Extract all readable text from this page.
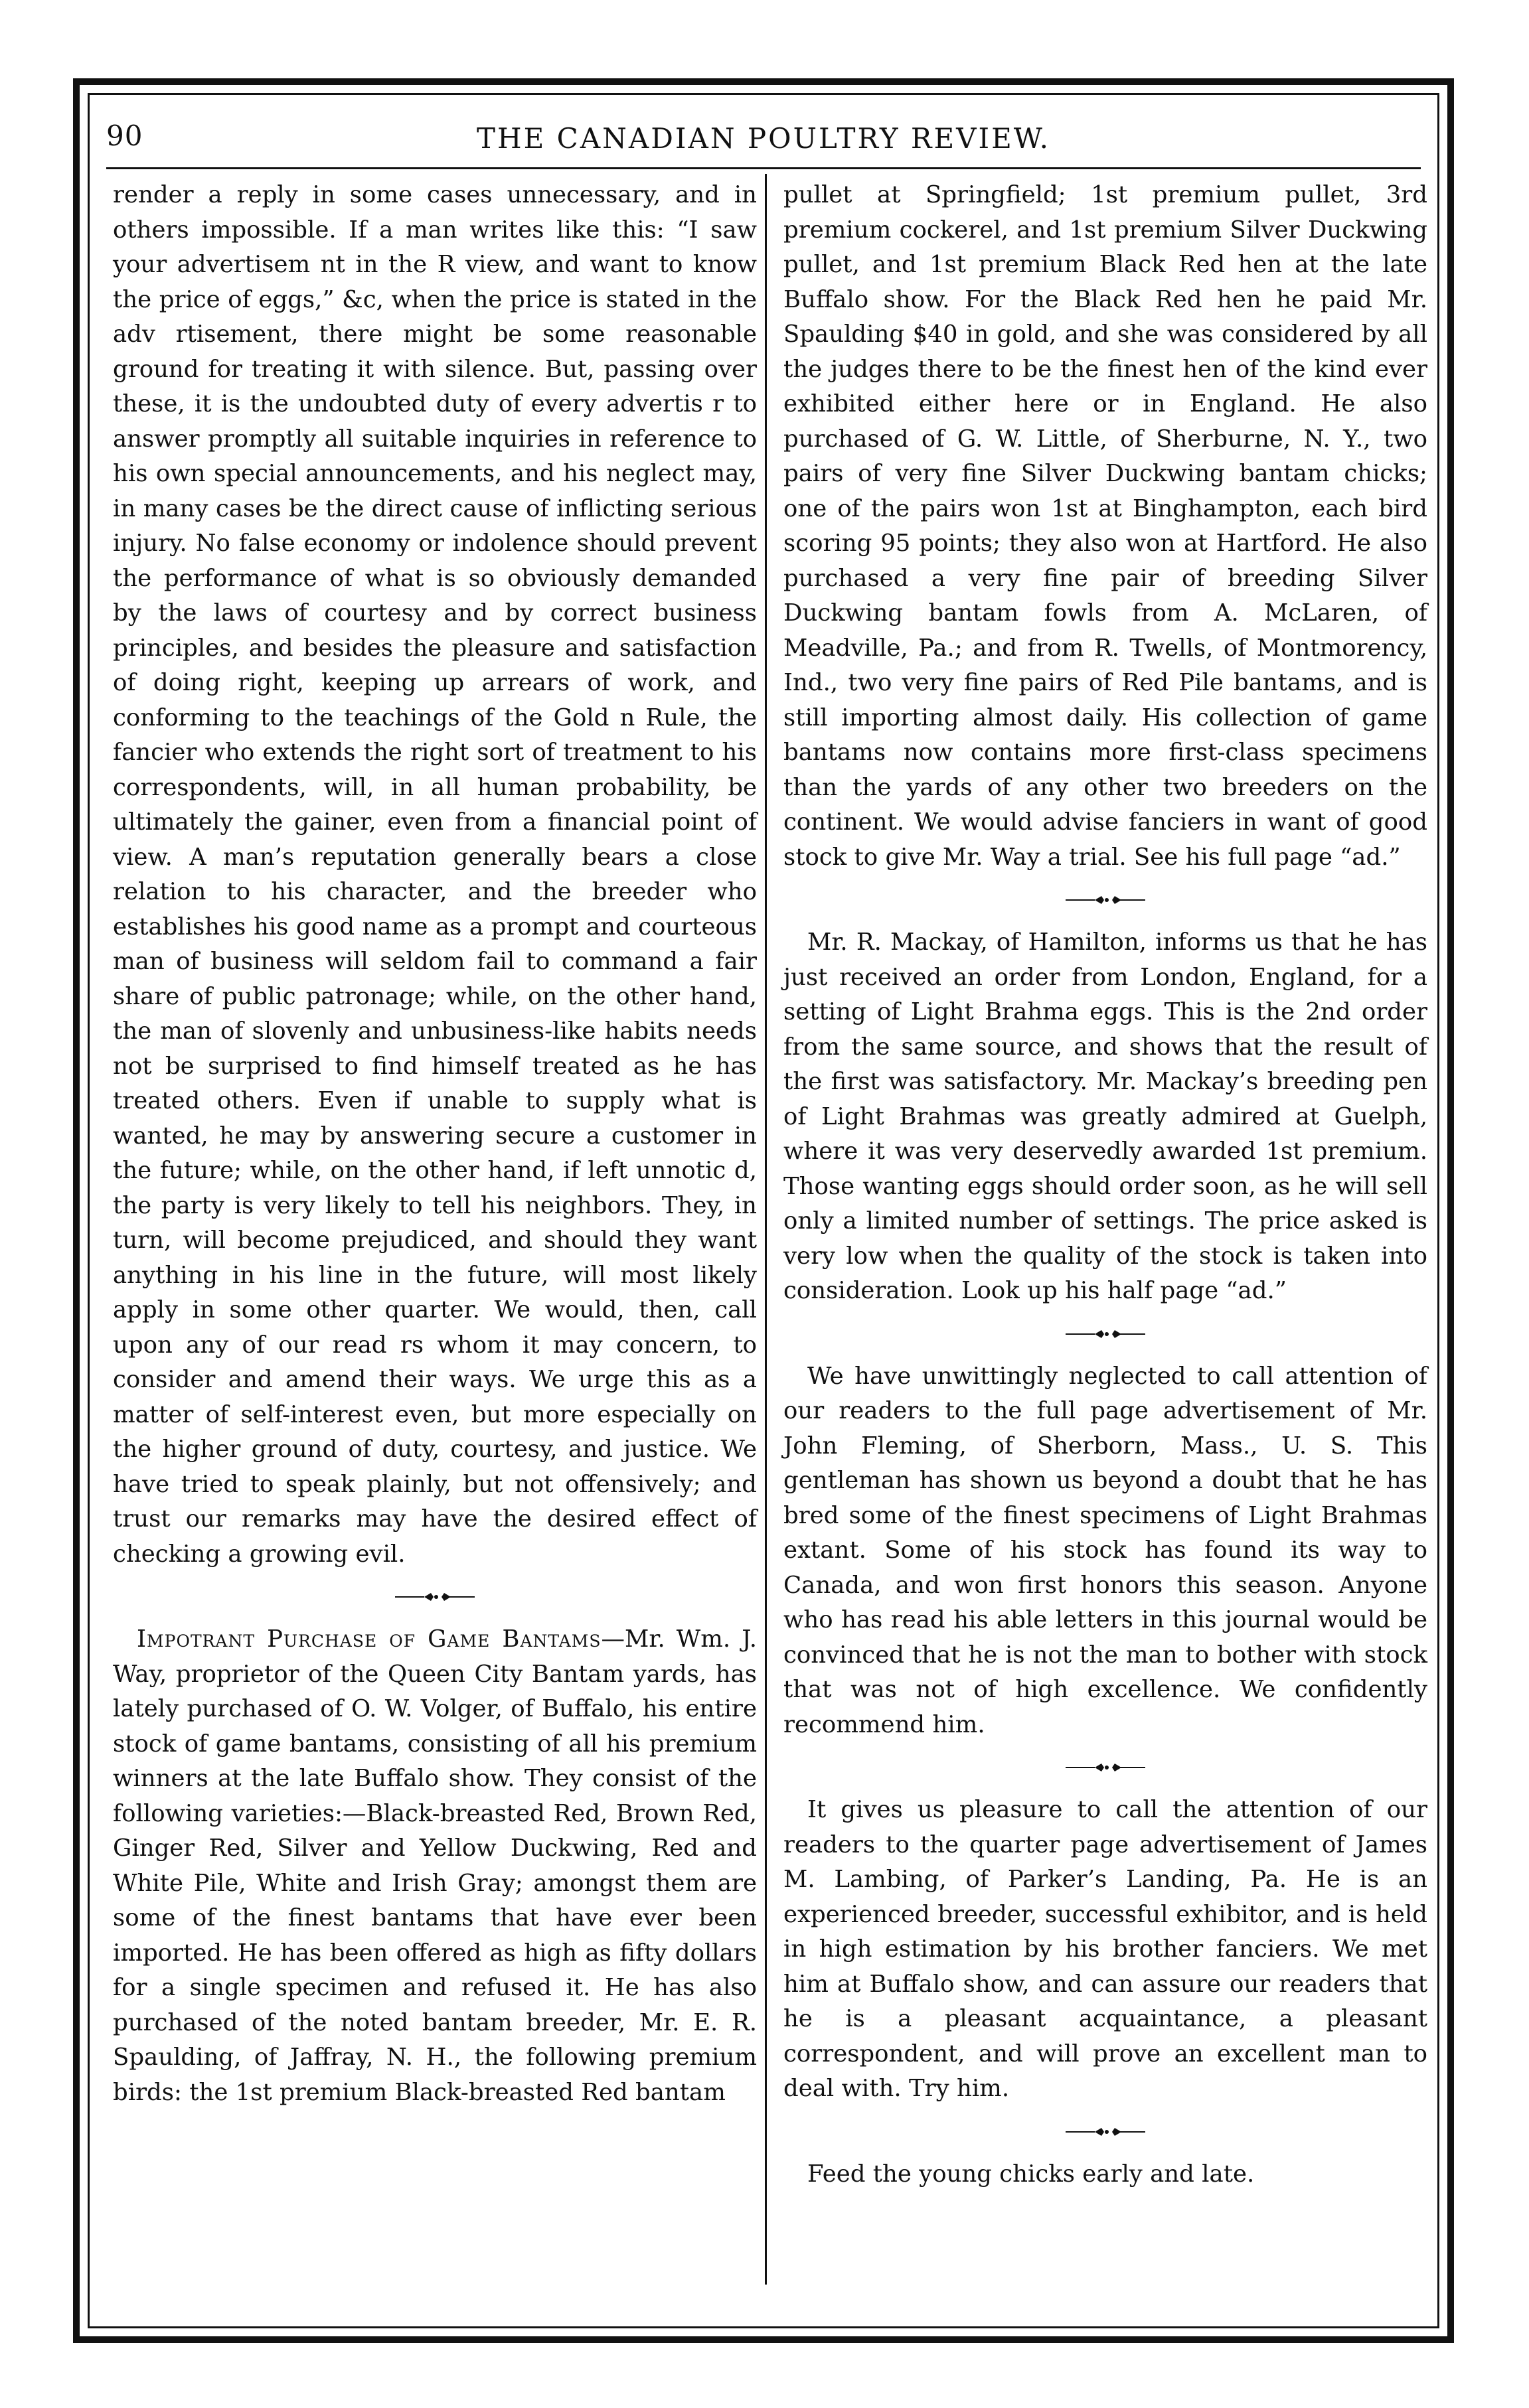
90	THE CANADIAN POULTRY REVIEW.

render a reply in some cases unnecessary, and in others impossible. If a man writes like this: “I saw your advertisem nt in the R view, and want to know the price of eggs,” &c, when the price is stated in the adv rtisement, there might be some reasonable ground for treating it with silence. But, passing over these, it is the undoubted duty of every advertis r to answer promptly all suitable inquiries in reference to his own special announcements, and his neglect may, in many cases be the direct cause of inflicting serious injury. No false economy or indolence should prevent the performance of what is so obviously demanded by the laws of courtesy and by correct business principles, and besides the pleasure and satisfaction of doing right, keeping up arrears of work, and conforming to the teachings of the Gold n Rule, the fancier who extends the right sort of treatment to his correspondents, will, in all human probability, be ultimately the gainer, even from a financial point of view. A man’s reputation generally bears a close relation to his character, and the breeder who establishes his good name as a prompt and courteous man of business will seldom fail to command a fair share of public patronage; while, on the other hand, the man of slovenly and unbusiness-like habits needs not be surprised to find himself treated as he has treated others. Even if unable to supply what is wanted, he may by answering secure a customer in the future; while, on the other hand, if left unnotic d, the party is very likely to tell his neighbors. They, in turn, will become prejudiced, and should they want anything in his line in the future, will most likely apply in some other quarter. We would, then, call upon any of our read rs whom it may concern, to consider and amend their ways. We urge this as a matter of self-interest even, but more especially on the higher ground of duty, courtesy, and justice. We have tried to speak plainly, but not offensively; and trust our remarks may have the desired effect of checking a growing evil.

Impotrant Purchase of Game Bantams—Mr. Wm. J. Way, proprietor of the Queen City Bantam yards, has lately purchased of O. W. Volger, of Buffalo, his entire stock of game bantams, consisting of all his premium winners at the late Buffalo show. They consist of the following varieties:—Black-breasted Red, Brown Red, Ginger Red, Silver and Yellow Duckwing, Red and White Pile, White and Irish Gray; amongst them are some of the finest bantams that have ever been imported. He has been offered as high as fifty dollars for a single specimen and refused it. He has also purchased of the noted bantam breeder, Mr. E. R. Spaulding, of Jaffray, N. H., the following premium birds: the 1st premium Black-breasted Red bantam

pullet at Springfield; 1st premium pullet, 3rd premium cockerel, and 1st premium Silver Duckwing pullet, and 1st premium Black Red hen at the late Buffalo show. For the Black Red hen he paid Mr. Spaulding $40 in gold, and she was considered by all the judges there to be the finest hen of the kind ever exhibited either here or in England. He also purchased of G. W. Little, of Sherburne, N. Y., two pairs of very fine Silver Duckwing bantam chicks; one of the pairs won 1st at Binghampton, each bird scoring 95 points; they also won at Hartford. He also purchased a very fine pair of breeding Silver Duckwing bantam fowls from A. McLaren, of Meadville, Pa.; and from R. Twells, of Montmorency, Ind., two very fine pairs of Red Pile bantams, and is still importing almost daily. His collection of game bantams now contains more first-class specimens than the yards of any other two breeders on the continent. We would advise fanciers in want of good stock to give Mr. Way a trial. See his full page “ad.”

Mr. R. Mackay, of Hamilton, informs us that he has just received an order from London, England, for a setting of Light Brahma eggs. This is the 2nd order from the same source, and shows that the result of the first was satisfactory. Mr. Mackay’s breeding pen of Light Brahmas was greatly admired at Guelph, where it was very deservedly awarded 1st premium. Those wanting eggs should order soon, as he will sell only a limited number of settings. The price asked is very low when the quality of the stock is taken into consideration. Look up his half page “ad.”

We have unwittingly neglected to call attention of our readers to the full page advertisement of Mr. John Fleming, of Sherborn, Mass., U. S. This gentleman has shown us beyond a doubt that he has bred some of the finest specimens of Light Brahmas extant. Some of his stock has found its way to Canada, and won first honors this season. Anyone who has read his able letters in this journal would be convinced that he is not the man to bother with stock that was not of high excellence. We confidently recommend him.

It gives us pleasure to call the attention of our readers to the quarter page advertisement of James M. Lambing, of Parker’s Landing, Pa. He is an experienced breeder, successful exhibitor, and is held in high estimation by his brother fanciers. We met him at Buffalo show, and can assure our readers that he is a pleasant acquaintance, a pleasant correspondent, and will prove an excellent man to deal with. Try him.

Feed the young chicks early and late.
